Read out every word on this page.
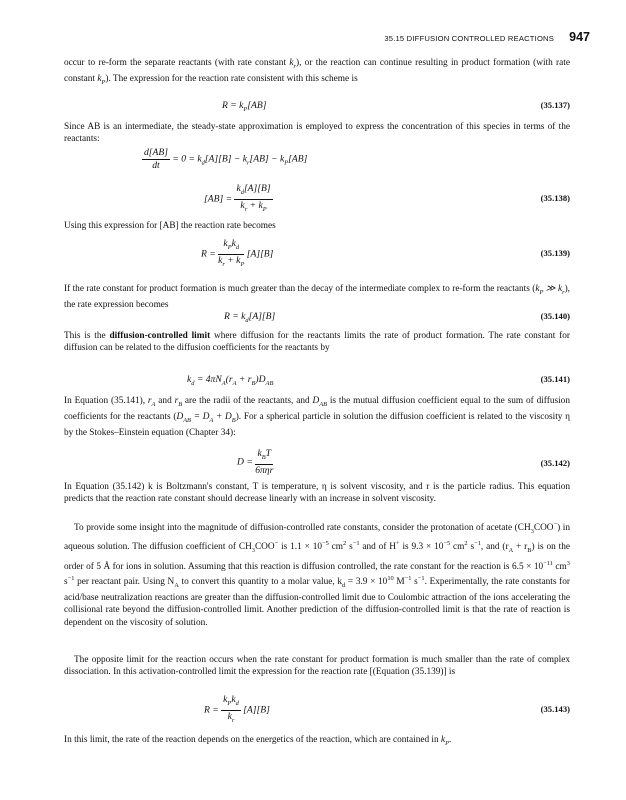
35.15 DIFFUSION CONTROLLED REACTIONS 947

occur to re-form the separate reactants (with rate constant $k_r$), or the reaction can continue resulting in product formation (with rate constant $k_P$). The expression for the reaction rate consistent with this scheme is

$R = k_P[AB]$	(35.137)

Since AB is an intermediate, the steady-state approximation is employed to express the concentration of this species in terms of the reactants:

$\frac{d[AB]}{dt} = 0 = k_d[A][B] - k_r[AB] - k_P[AB]$
$[AB] = \frac{k_d[A][B]}{k_r + k_P}$	(35.138)

Using this expression for [AB] the reaction rate becomes

$R = \frac{k_Pk_d}{k_r + k_P} [A][B]$	(35.139)

If the rate constant for product formation is much greater than the decay of the intermediate complex to re-form the reactants ($k_P$ ≫ $k_r$), the rate expression becomes

$R = k_d[A][B]$	(35.140)

This is the diffusion-controlled limit where diffusion for the reactants limits the rate of product formation. The rate constant for diffusion can be related to the diffusion coefficients for the reactants by

$k_d = 4\pi N_A(r_A + r_B)D_{AB}$	(35.141)

In Equation (35.141), $r_A$ and $r_B$ are the radii of the reactants, and $D_{AB}$ is the mutual diffusion coefficient equal to the sum of diffusion coefficients for the reactants $(D_{AB} = D_A + D_B)$. For a spherical particle in solution the diffusion coefficient is related to the viscosity η by the Stokes–Einstein equation (Chapter 34):

$D = \frac{k_BT}{\text{6πηr}}$	(35.142)

In Equation (35.142) k is Boltzmann's constant, T is temperature, η is solvent viscosity, and r is the particle radius. This equation predicts that the reaction rate constant should decrease linearly with an increase in solvent viscosity.

To provide some insight into the magnitude of diffusion-controlled rate constants, consider the protonation of acetate $(CH_3COO^-)$ in aqueous solution. The diffusion coefficient of $CH_3COO^-$ is $1.1 \times 10^{-5}$ $cm^2$ $s^{-1}$ and of H+ is $9.3 \times 10^{-5}$ $cm^2$ $s^{-1}$, and $(r_A + r_B)$ is on the order of 5 Å for ions in solution. Assuming that this reaction is diffusion controlled, the rate constant for the reaction is $6.5 \times 10^{-11}$ $cm^3$ $s^{-1}$ per reactant pair. Using $N_A$ to convert this quantity to a molar value, $k_d = 3.9 \times 10^{10}$ $M^{-1}$ $s^{-1}$. Experimentally, the rate constants for acid/base neutralization reactions are greater than the diffusion-controlled limit due to Coulombic attraction of the ions accelerating the collisional rate beyond the diffusion-controlled limit. Another prediction of the diffusion-controlled limit is that the rate of reaction is dependent on the viscosity of solution.

The opposite limit for the reaction occurs when the rate constant for product formation is much smaller than the rate of complex dissociation. In this activation-controlled limit the expression for the reaction rate [(Equation (35.139)] is

$R = \frac{k_Pk_d}{k_r} [A][B]$	(35.143)

In this limit, the rate of the reaction depends on the energetics of the reaction, which are contained in $k_P$.
